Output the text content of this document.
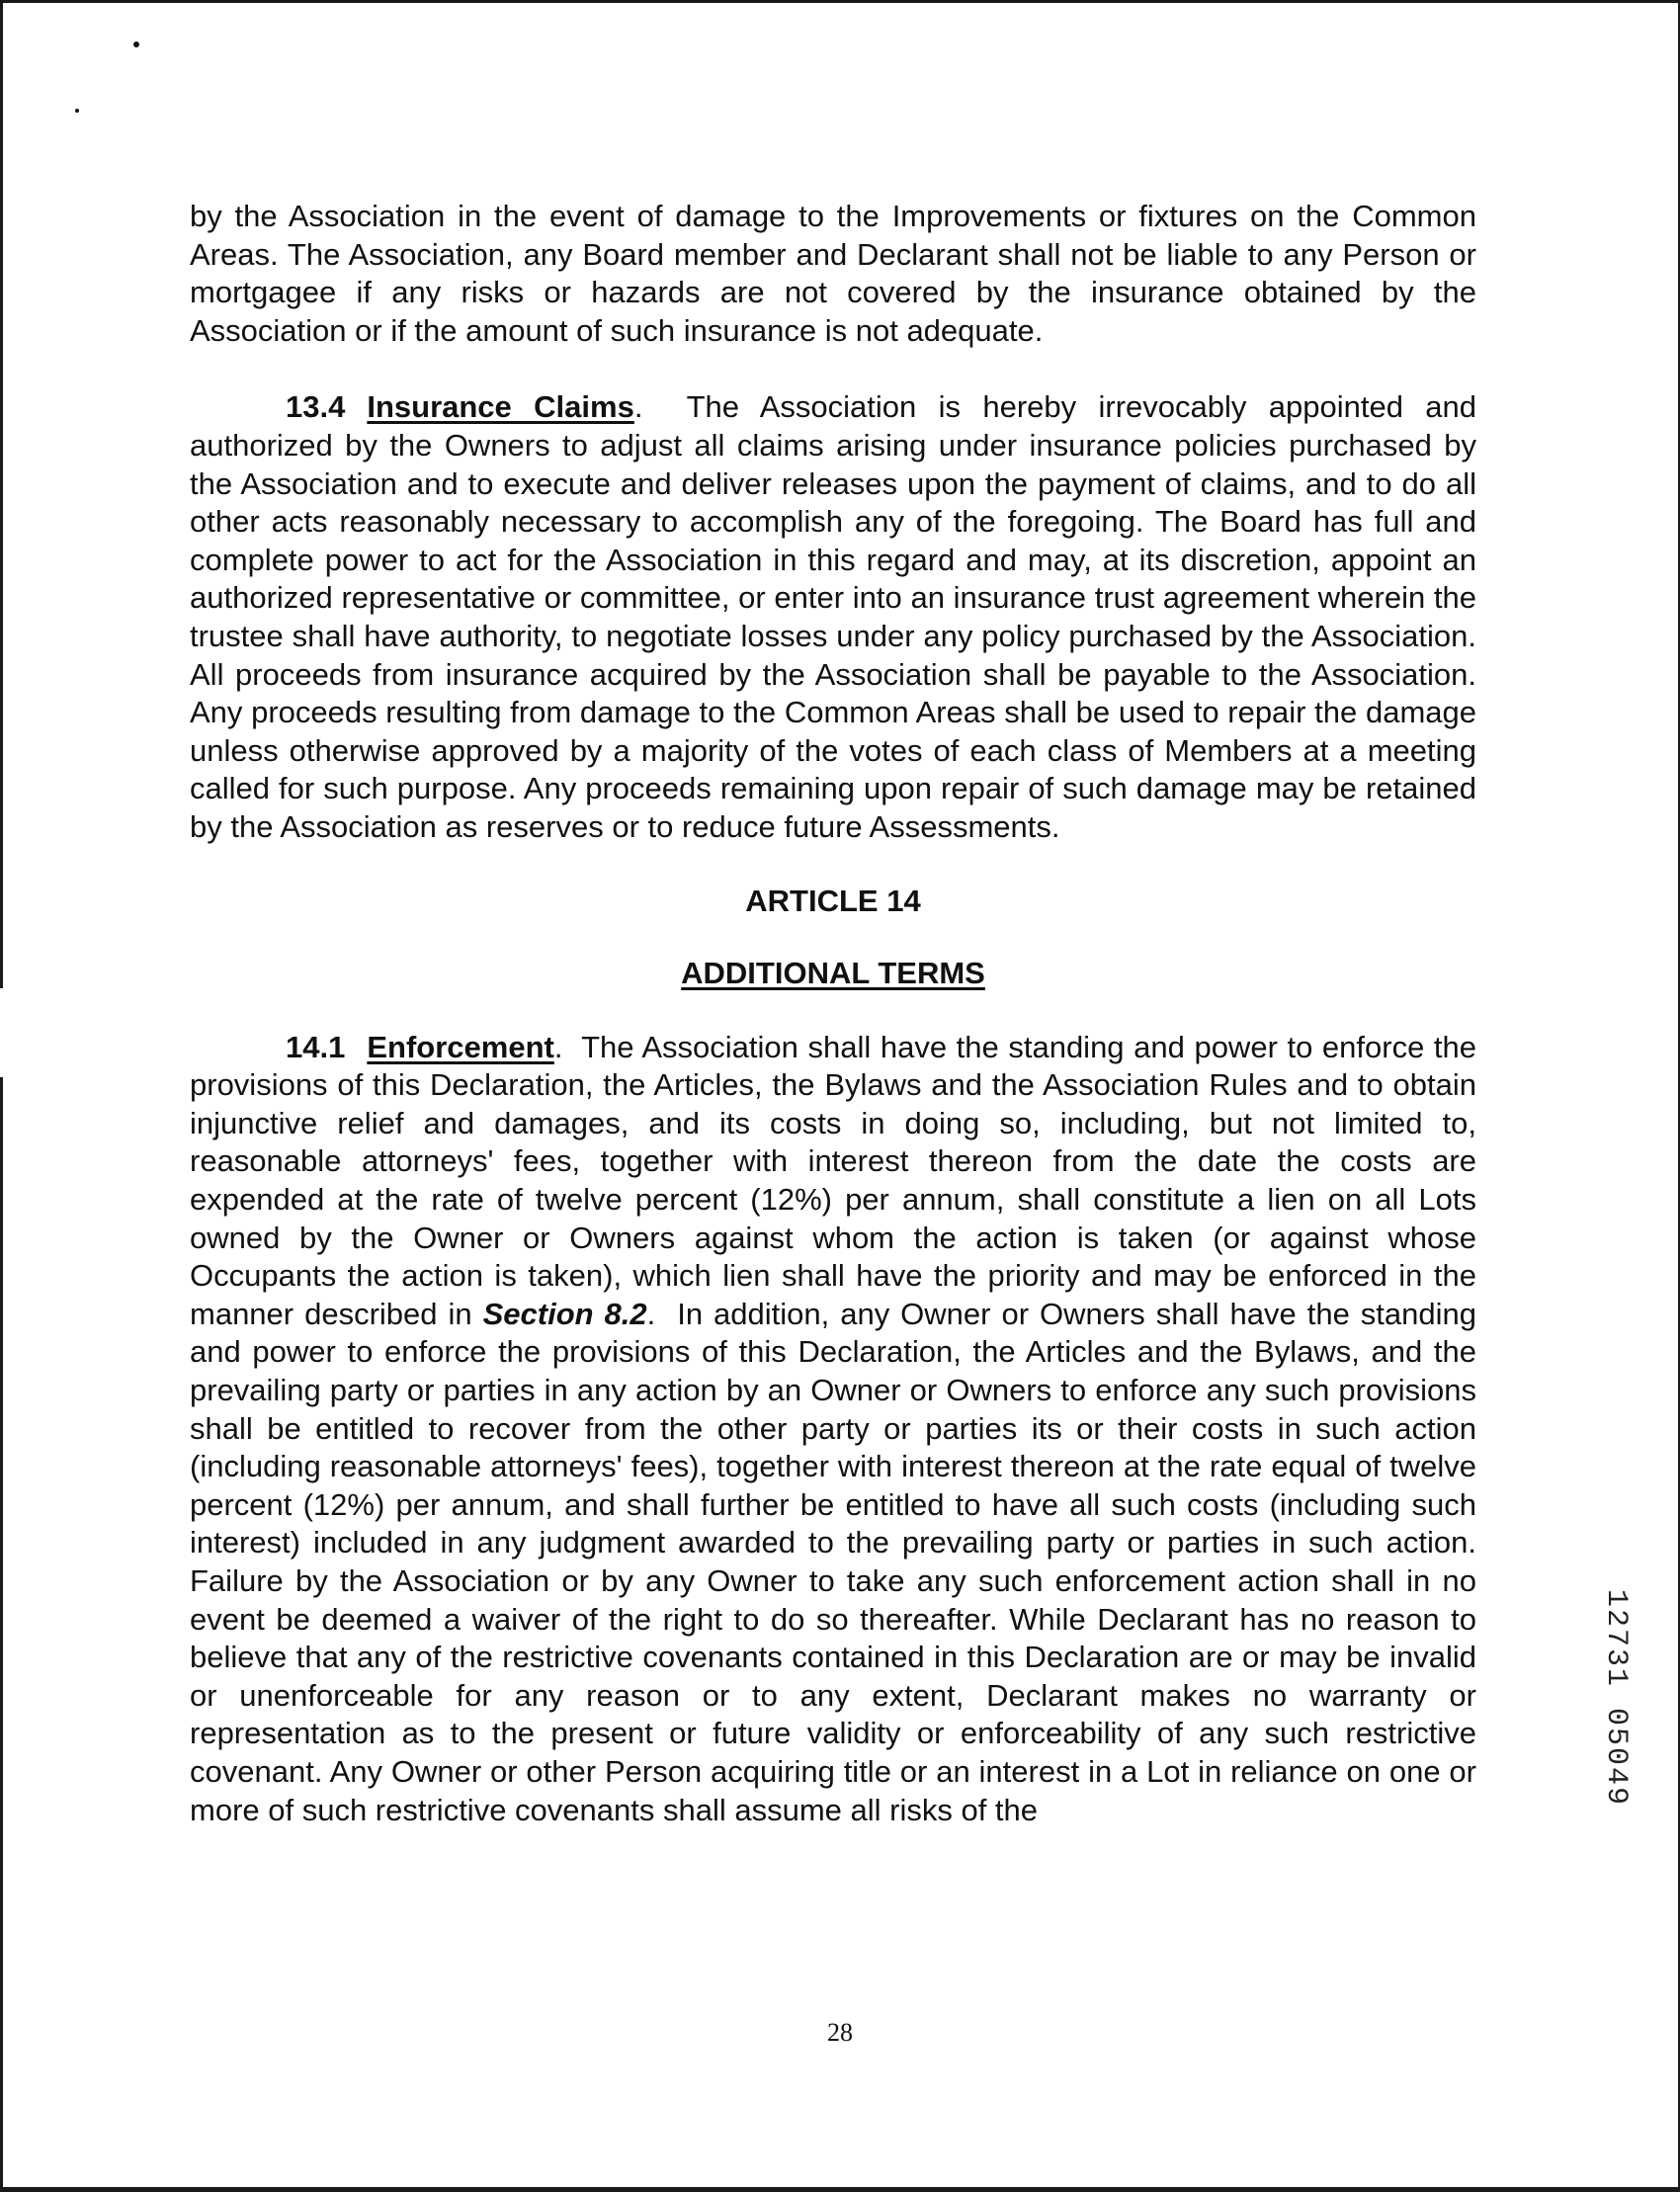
by the Association in the event of damage to the Improvements or fixtures on the Common Areas. The Association, any Board member and Declarant shall not be liable to any Person or mortgagee if any risks or hazards are not covered by the insurance obtained by the Association or if the amount of such insurance is not adequate.

13.4 Insurance Claims.  The Association is hereby irrevocably appointed and authorized by the Owners to adjust all claims arising under insurance policies purchased by the Association and to execute and deliver releases upon the payment of claims, and to do all other acts reasonably necessary to accomplish any of the foregoing. The Board has full and complete power to act for the Association in this regard and may, at its discretion, appoint an authorized representative or committee, or enter into an insurance trust agreement wherein the trustee shall have authority, to negotiate losses under any policy purchased by the Association. All proceeds from insurance acquired by the Association shall be payable to the Association. Any proceeds resulting from damage to the Common Areas shall be used to repair the damage unless otherwise approved by a majority of the votes of each class of Members at a meeting called for such purpose. Any proceeds remaining upon repair of such damage may be retained by the Association as reserves or to reduce future Assessments.

ARTICLE 14

ADDITIONAL TERMS

14.1 Enforcement.  The Association shall have the standing and power to enforce the provisions of this Declaration, the Articles, the Bylaws and the Association Rules and to obtain injunctive relief and damages, and its costs in doing so, including, but not limited to, reasonable attorneys' fees, together with interest thereon from the date the costs are expended at the rate of twelve percent (12%) per annum, shall constitute a lien on all Lots owned by the Owner or Owners against whom the action is taken (or against whose Occupants the action is taken), which lien shall have the priority and may be enforced in the manner described in Section 8.2.  In addition, any Owner or Owners shall have the standing and power to enforce the provisions of this Declaration, the Articles and the Bylaws, and the prevailing party or parties in any action by an Owner or Owners to enforce any such provisions shall be entitled to recover from the other party or parties its or their costs in such action (including reasonable attorneys' fees), together with interest thereon at the rate equal of twelve percent (12%) per annum, and shall further be entitled to have all such costs (including such interest) included in any judgment awarded to the prevailing party or parties in such action. Failure by the Association or by any Owner to take any such enforcement action shall in no event be deemed a waiver of the right to do so thereafter. While Declarant has no reason to believe that any of the restrictive covenants contained in this Declaration are or may be invalid or unenforceable for any reason or to any extent, Declarant makes no warranty or representation as to the present or future validity or enforceability of any such restrictive covenant. Any Owner or other Person acquiring title or an interest in a Lot in reliance on one or more of such restrictive covenants shall assume all risks of the

28
12731 05049
